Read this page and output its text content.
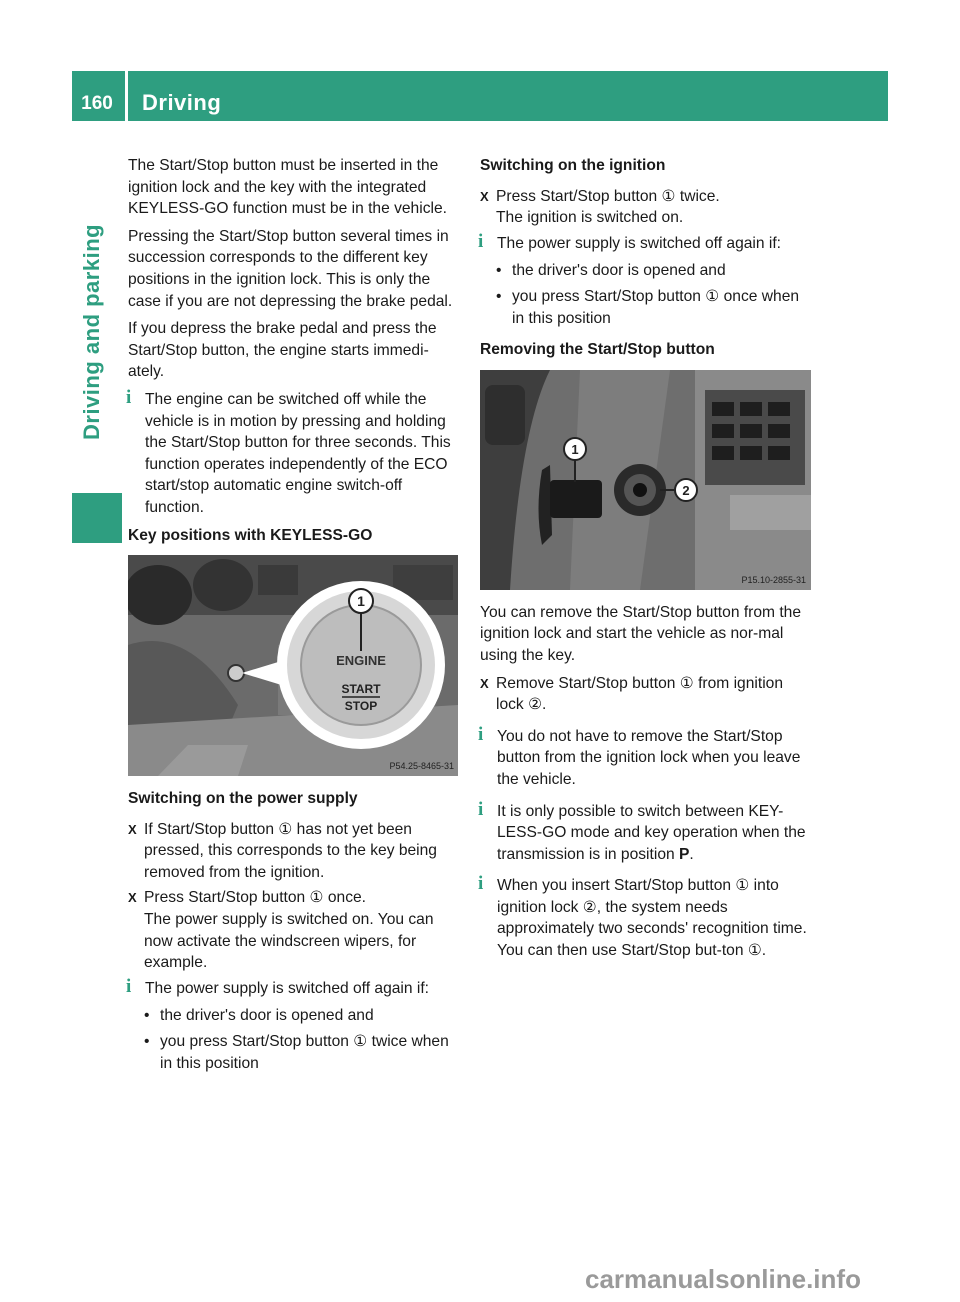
160	Driving
Driving and parking

The Start/Stop button must be inserted in the ignition lock and the key with the integrated KEYLESS-GO function must be in the vehicle.

Pressing the Start/Stop button several times in succession corresponds to the different key positions in the ignition lock. This is only the case if you are not depressing the brake pedal.

If you depress the brake pedal and press the Start/Stop button, the engine starts immedi-ately.

i The engine can be switched off while the vehicle is in motion by pressing and holding the Start/Stop button for three seconds. This function operates independently of the ECO start/stop automatic engine switch-off function.
Key positions with KEYLESS-GO
1
ENGINE
START
STOP
P54.25-8465-31
Switching on the power supply
X If Start/Stop button ① has not yet been pressed, this corresponds to the key being removed from the ignition.
X Press Start/Stop button ① once.
The power supply is switched on. You can now activate the windscreen wipers, for example.
i The power supply is switched off again if:
• the driver's door is opened and
• you press Start/Stop button ① twice when in this position
Switching on the ignition
X Press Start/Stop button ① twice.
The ignition is switched on.
i The power supply is switched off again if:
• the driver's door is opened and
• you press Start/Stop button ① once when in this position
Removing the Start/Stop button
1
2
P15.10-2855-31

You can remove the Start/Stop button from the ignition lock and start the vehicle as nor-mal using the key.

X Remove Start/Stop button ① from ignition lock ②.
i You do not have to remove the Start/Stop button from the ignition lock when you leave the vehicle.
i It is only possible to switch between KEY-LESS-GO mode and key operation when the transmission is in position P.
i When you insert Start/Stop button ① into ignition lock ②, the system needs approximately two seconds' recognition time. You can then use Start/Stop but-ton ①.
carmanualsonline.info
